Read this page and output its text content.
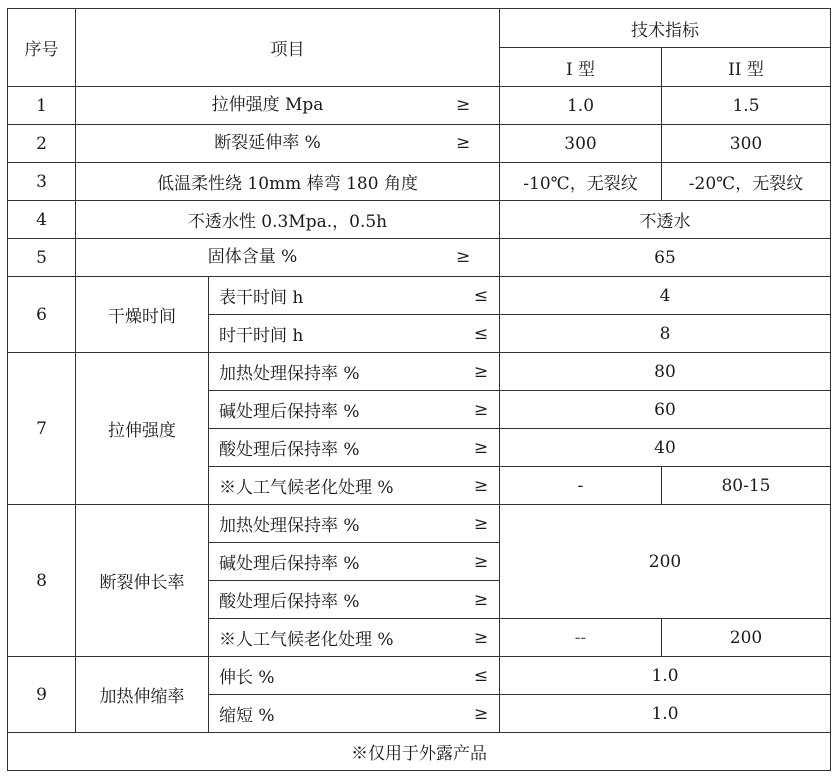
序号	项目		技术指标	
			I 型	II 型
1	拉伸强度 Mpa ≥		1.0	1.5
2	断裂延伸率 % ≥		300	300
3	低温柔性绕 10mm 棒弯 180 角度		-10℃，无裂纹	-20℃，无裂纹
4	不透水性 0.3Mpa.，0.5h		不透水	
5	固体含量 % ≥		65	
6	干燥时间	表干时间 h ≤	4	

		时干时间 h ≤	8	
7	拉伸强度	加热处理保持率 % ≥	80	

		碱处理后保持率 % ≥	60	

		酸处理后保持率 % ≥	40	

		※人工气候老化处理 % ≥	-	80-15
8	断裂伸长率	加热处理保持率 % ≥	200	

		碱处理后保持率 % ≥		

		酸处理后保持率 % ≥		

		※人工气候老化处理 % ≥	--	200
9	加热伸缩率	伸长 % ≤	1.0	

		缩短 % ≥	1.0	
※仅用于外露产品				
